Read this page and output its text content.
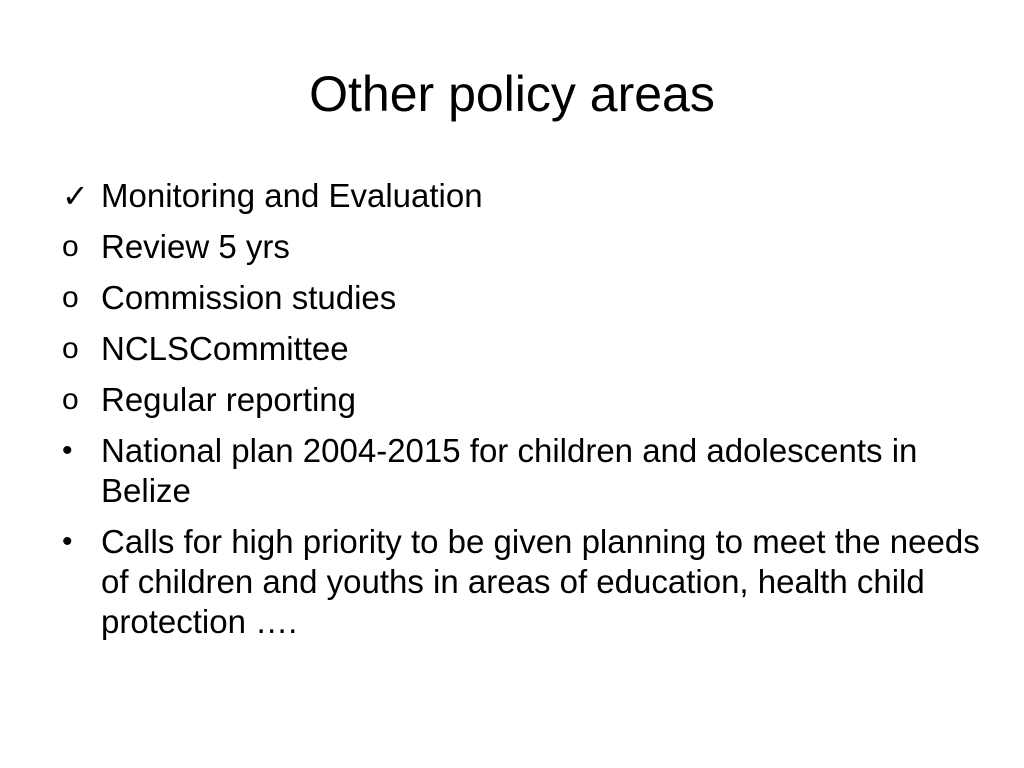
Other policy areas
✓ Monitoring and Evaluation
o Review 5 yrs
o Commission studies
o NCLSCommittee
o Regular reporting
• National plan 2004-2015 for children and adolescents in Belize
• Calls for high priority to be given planning to meet the needs of children and youths in areas of education, health child protection ….
